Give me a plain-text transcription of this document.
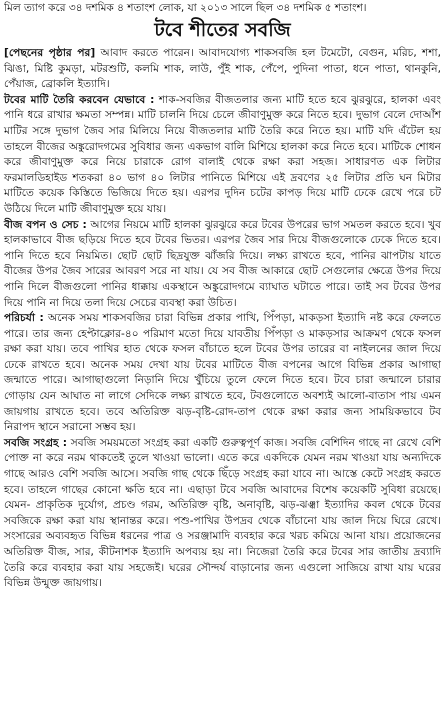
মিল ত্যাগ করে ৩৪ দশমিক ৪ শতাংশ লোক, যা ২০১৩ সালে ছিল ৩৪ দশমিক ৫ শতাংশ।
টবে শীতের সবজি

[পেছনের পৃষ্ঠার পর] আবাদ করতে পারেন। আবাদযোগ্য শাকসবজি হল টমেটো, বেগুন, মরিচ, শশা, ঝিঙা, মিষ্টি কুমড়া, মটরশুটি, কলমি শাক, লাউ, পুঁই শাক, পেঁপে, পুদিনা পাতা, ধনে পাতা, থানকুনি, পেঁয়াজ, ব্রোকলি ইত্যাদি।

টবের মাটি তৈরি করবেন যেভাবে : শাক-সবজির বীজতলার জন্য মাটি হতে হবে ঝুরঝুরে, হালকা এবং পানি ধরে রাখার ক্ষমতা সম্পন্ন। মাটি চালনি দিয়ে চেলে জীবাণুমুক্ত করে নিতে হবে। দুভাগ বেলে দোআঁশ মাটির সঙ্গে দুভাগ জৈব সার মিলিয়ে নিয়ে বীজতলার মাটি তৈরি করে নিতে হয়। মাটি যদি এঁটেল হয় তাহলে বীজের অঙ্কুরোদগমের সুবিধার জন্য একভাগ বালি মিশিয়ে হালকা করে নিতে হবে। মাটিকে শোধন করে জীবাণুমুক্ত করে নিয়ে চারাকে রোগ বালাই থেকে রক্ষা করা সহজ। সাধারণত এক লিটার ফরমালডিহাইড শতকরা ৪০ ভাগ ৪০ লিটার পানিতে মিশিয়ে এই দ্রবণের ২৫ লিটার প্রতি ঘন মিটার মাটিতে কয়েক কিস্তিতে ভিজিয়ে দিতে হয়। এরপর দুদিন চটের কাপড় দিয়ে মাটি ঢেকে রেখে পরে চট উঠিয়ে দিলে মাটি জীবাণুমুক্ত হয়ে যায়।

বীজ বপন ও সেচ : আগের নিয়মে মাটি হালকা ঝুরঝুরে করে টবের উপরের ভাগ সমতল করতে হবে। খুব হালকাভাবে বীজ ছড়িয়ে দিতে হবে টবের ভিতর। এরপর জৈব সার দিয়ে বীজগুলোকে ঢেকে দিতে হবে। পানি দিতে হবে নিয়মিত। ছোট ছোট ছিদ্রযুক্ত ঝাঁজরি দিয়ে। লক্ষ্য রাখতে হবে, পানির ঝাপটায় যাতে বীজের উপর জৈব সারের আবরণ সরে না যায়। যে সব বীজ আকারে ছোট সেগুলোর ক্ষেত্রে উপর দিয়ে পানি দিলে বীজগুলো পানির ধাক্কায় একস্থানে অঙ্কুরোদগমে ব্যাঘাত ঘটাতে পারে। তাই সব টবের উপর দিয়ে পানি না দিয়ে তলা দিয়ে সেচের ব্যবস্থা করা উচিত।

পরিচর্যা : অনেক সময় শাকসবজির চারা বিভিন্ন প্রকার পাখি, পিঁপড়া, মাকড়সা ইত্যাদি নষ্ট করে ফেলতে পারে। তার জন্য হেপ্টাক্লোর-৪০ পরিমাণ মতো দিয়ে যাবতীয় পিঁপড়া ও মাকড়সার আক্রমণ থেকে ফসল রক্ষা করা যায়। তবে পাখির হাত থেকে ফসল বাঁচাতে হলে টবের উপর তারের বা নাইলনের জাল দিয়ে ঢেকে রাখতে হবে। অনেক সময় দেখা যায় টবের মাটিতে বীজ বপনের আগে বিভিন্ন প্রকার আগাছা জন্মাতে পারে। আগাছাগুলো নিড়ানি দিয়ে খুঁচিয়ে তুলে ফেলে দিতে হবে। টবে চারা জন্মালে চারার গোড়ায় যেন আঘাত না লাগে সেদিকে লক্ষ্য রাখতে হবে, টবগুলোতে অবশ্যই আলো-বাতাস পায় এমন জায়গায় রাখতে হবে। তবে অতিরিক্ত ঝড়-বৃষ্টি-রোদ-তাপ থেকে রক্ষা করার জন্য সাময়িকভাবে টব নিরাপদ স্থানে সরানো সম্ভব হয়।

সবজি সংগ্রহ : সবজি সময়মতো সংগ্রহ করা একটি গুরুত্বপূর্ণ কাজ। সবজি বেশিদিন গাছে না রেখে বেশি পোক্ত না করে নরম থাকতেই তুলে খাওয়া ভালো। এতে করে একদিকে যেমন নরম খাওয়া যায় অন্যদিকে গাছে আরও বেশি সবজি আসে। সবজি গাছ থেকে ছিঁড়ে সংগ্রহ করা যাবে না। আস্তে কেটে সংগ্রহ করতে হবে। তাহলে গাছের কোনো ক্ষতি হবে না। এছাড়া টবে সবজি আবাদের বিশেষ কয়েকটি সুবিধা রয়েছে। যেমন- প্রাকৃতিক দুর্যোগ, প্রচণ্ড গরম, অতিরিক্ত বৃষ্টি, অনাবৃষ্টি, ঝড়-ঝঞ্ঝা ইত্যাদির কবল থেকে টবের সবজিকে রক্ষা করা যায় স্থানান্তর করে। পশু-পাখির উপদ্রব থেকে বাঁচানো যায় জাল দিয়ে ঘিরে রেখে। সংসারের অব্যবহৃত বিভিন্ন ধরনের পাত্র ও সরঞ্জামাদি ব্যবহার করে খরচ কমিয়ে আনা যায়। প্রয়োজনের অতিরিক্ত বীজ, সার, কীটনাশক ইত্যাদি অপব্যয় হয় না। নিজেরা তৈরি করে টবের সার জাতীয় দ্রব্যাদি তৈরি করে ব্যবহার করা যায় সহজেই। ঘরের সৌন্দর্য বাড়ানোর জন্য এগুলো সাজিয়ে রাখা যায় ঘরের বিভিন্ন উন্মুক্ত জায়গায়।
